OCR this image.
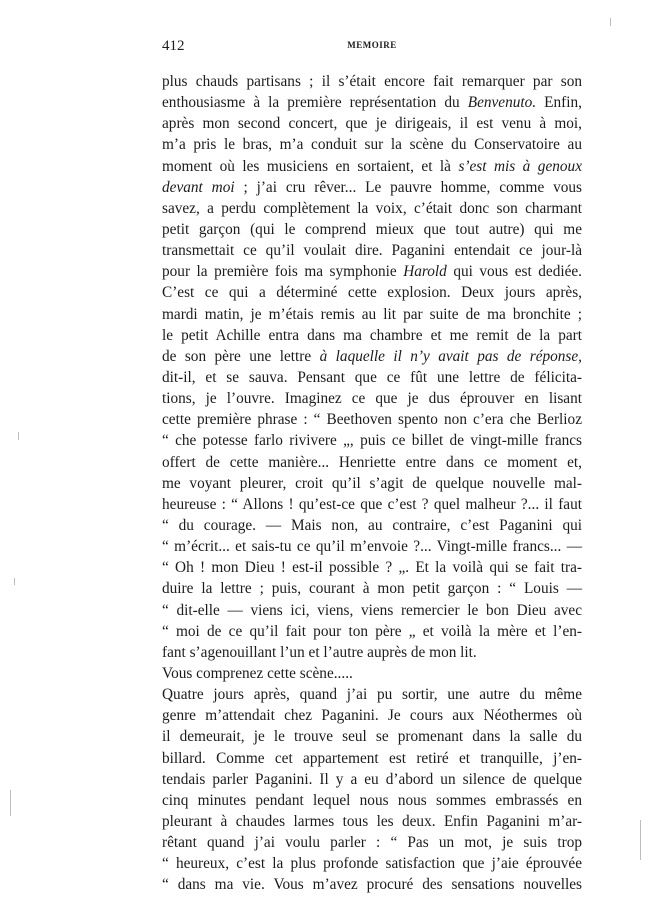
412	MEMOIRE
plus chauds partisans ; il s’était encore fait remarquer par son
enthousiasme à la première représentation du Benvenuto. Enfin,
après mon second concert, que je dirigeais, il est venu à moi,
m’a pris le bras, m’a conduit sur la scène du Conservatoire au
moment où les musiciens en sortaient, et là s’est mis à genoux
devant moi ; j’ai cru rêver... Le pauvre homme, comme vous
savez, a perdu complètement la voix, c’était donc son charmant
petit garçon (qui le comprend mieux que tout autre) qui me
transmettait ce qu’il voulait dire. Paganini entendait ce jour-là
pour la première fois ma symphonie Harold qui vous est dediée.
C’est ce qui a déterminé cette explosion. Deux jours après,
mardi matin, je m’étais remis au lit par suite de ma bronchite ;
le petit Achille entra dans ma chambre et me remit de la part
de son père une lettre à laquelle il n’y avait pas de réponse,
dit-il, et se sauva. Pensant que ce fût une lettre de félicita-
tions, je l’ouvre. Imaginez ce que je dus éprouver en lisant
cette première phrase : “ Beethoven spento non c’era che Berlioz
“ che potesse farlo rivivere „, puis ce billet de vingt-mille francs
offert de cette manière... Henriette entre dans ce moment et,
me voyant pleurer, croit qu’il s’agit de quelque nouvelle mal-
heureuse : “ Allons ! qu’est-ce que c’est ? quel malheur ?... il faut
“ du courage. — Mais non, au contraire, c’est Paganini qui
“ m’écrit... et sais-tu ce qu’il m’envoie ?... Vingt-mille francs... —
“ Oh ! mon Dieu ! est-il possible ? „. Et la voilà qui se fait tra-
duire la lettre ; puis, courant à mon petit garçon : “ Louis —
“ dit-elle — viens ici, viens, viens remercier le bon Dieu avec
“ moi de ce qu’il fait pour ton père „ et voilà la mère et l’en-
fant s’agenouillant l’un et l’autre auprès de mon lit.
Vous comprenez cette scène.....
Quatre jours après, quand j’ai pu sortir, une autre du même
genre m’attendait chez Paganini. Je cours aux Néothermes où
il demeurait, je le trouve seul se promenant dans la salle du
billard. Comme cet appartement est retiré et tranquille, j’en-
tendais parler Paganini. Il y a eu d’abord un silence de quelque
cinq minutes pendant lequel nous nous sommes embrassés en
pleurant à chaudes larmes tous les deux. Enfin Paganini m’ar-
rêtant quand j’ai voulu parler : “ Pas un mot, je suis trop
“ heureux, c’est la plus profonde satisfaction que j’aie éprouvée
“ dans ma vie. Vous m’avez procuré des sensations nouvelles
